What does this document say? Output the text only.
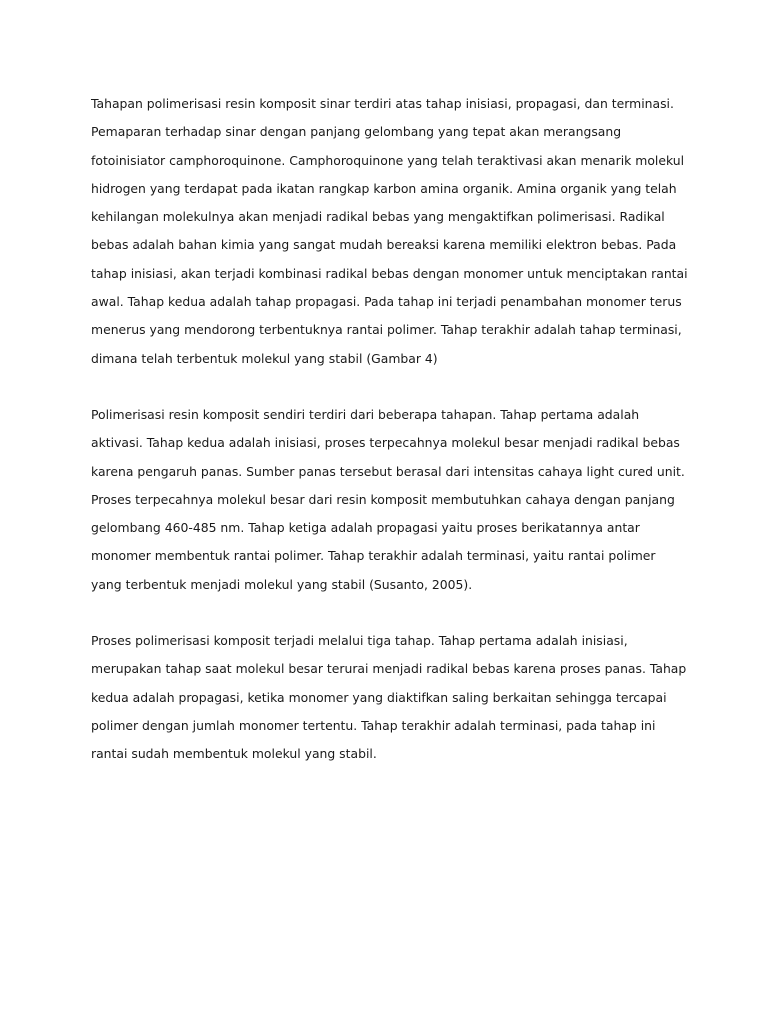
Tahapan polimerisasi resin komposit sinar terdiri atas tahap inisiasi, propagasi, dan terminasi.
Pemaparan terhadap sinar dengan panjang gelombang yang tepat akan merangsang
fotoinisiator camphoroquinone. Camphoroquinone yang telah teraktivasi akan menarik molekul
hidrogen yang terdapat pada ikatan rangkap karbon amina organik. Amina organik yang telah
kehilangan molekulnya akan menjadi radikal bebas yang mengaktifkan polimerisasi. Radikal
bebas adalah bahan kimia yang sangat mudah bereaksi karena memiliki elektron bebas. Pada
tahap inisiasi, akan terjadi kombinasi radikal bebas dengan monomer untuk menciptakan rantai
awal. Tahap kedua adalah tahap propagasi. Pada tahap ini terjadi penambahan monomer terus
menerus yang mendorong terbentuknya rantai polimer. Tahap terakhir adalah tahap terminasi,
dimana telah terbentuk molekul yang stabil (Gambar 4)

Polimerisasi resin komposit sendiri terdiri dari beberapa tahapan. Tahap pertama adalah
aktivasi. Tahap kedua adalah inisiasi, proses terpecahnya molekul besar menjadi radikal bebas
karena pengaruh panas. Sumber panas tersebut berasal dari intensitas cahaya light cured unit.
Proses terpecahnya molekul besar dari resin komposit membutuhkan cahaya dengan panjang
gelombang 460-485 nm. Tahap ketiga adalah propagasi yaitu proses berikatannya antar
monomer membentuk rantai polimer. Tahap terakhir adalah terminasi, yaitu rantai polimer
yang terbentuk menjadi molekul yang stabil (Susanto, 2005).

Proses polimerisasi komposit terjadi melalui tiga tahap. Tahap pertama adalah inisiasi,
merupakan tahap saat molekul besar terurai menjadi radikal bebas karena proses panas. Tahap
kedua adalah propagasi, ketika monomer yang diaktifkan saling berkaitan sehingga tercapai
polimer dengan jumlah monomer tertentu. Tahap terakhir adalah terminasi, pada tahap ini
rantai sudah membentuk molekul yang stabil.
